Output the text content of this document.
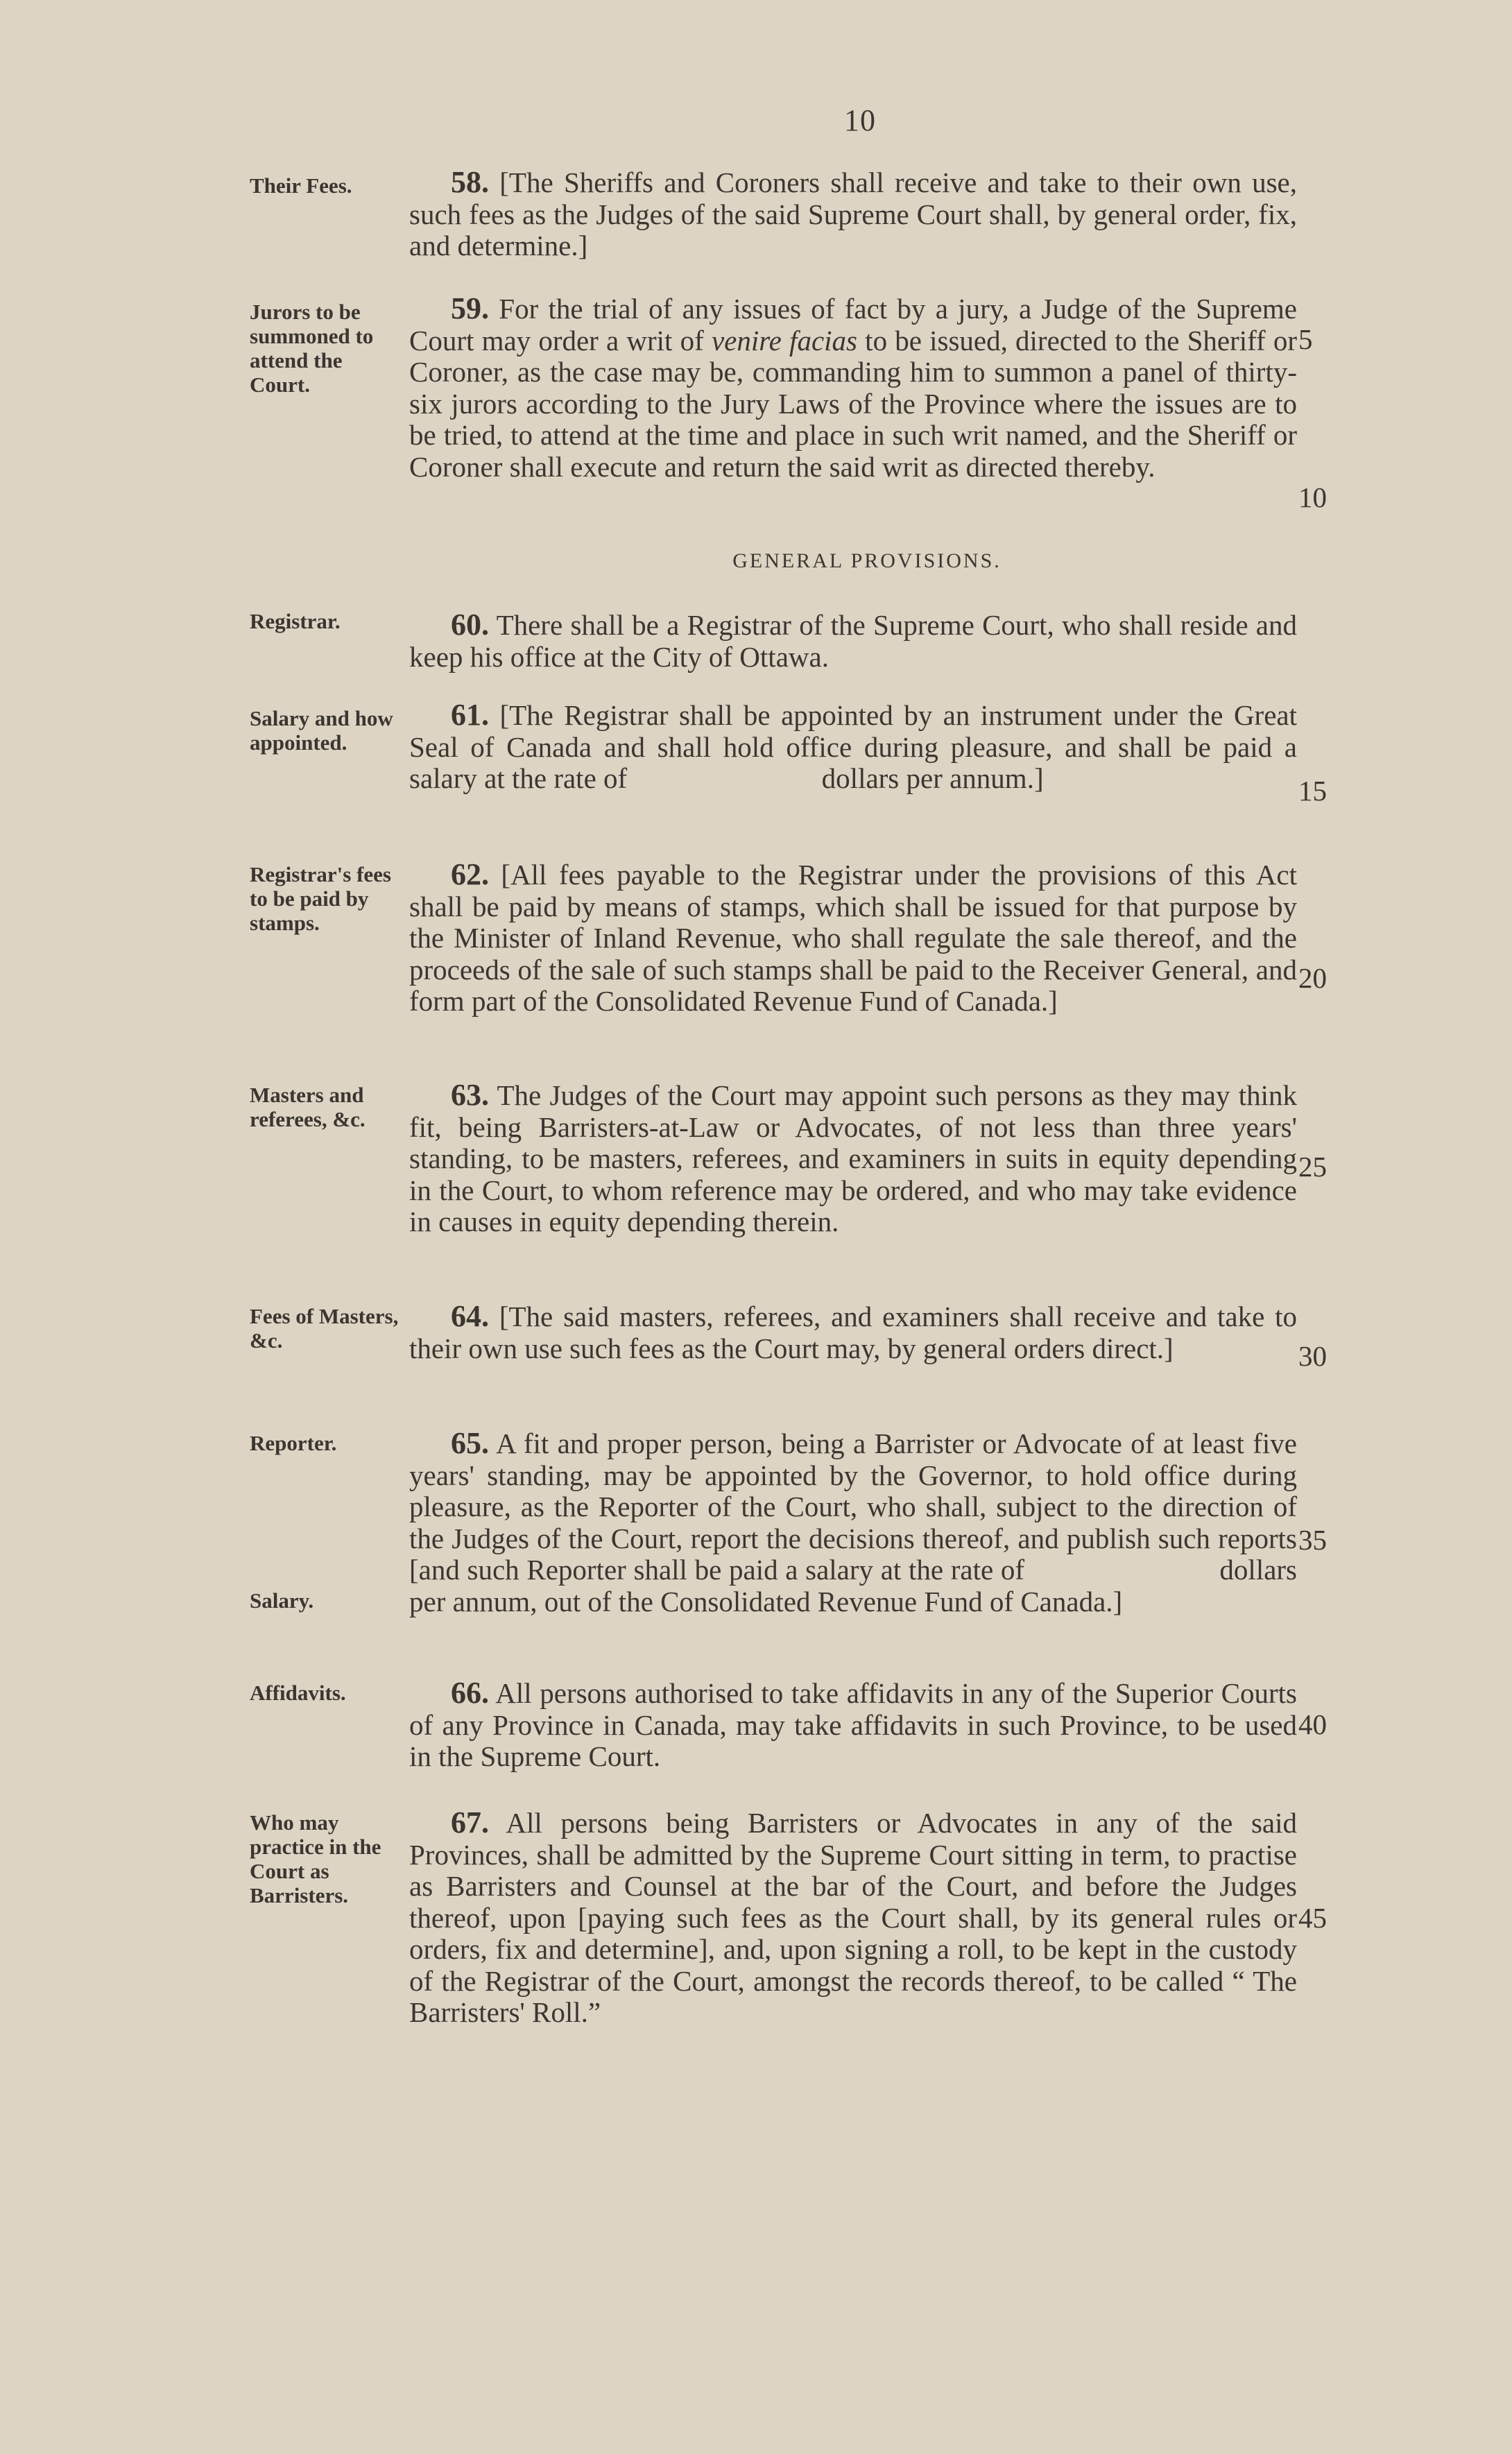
10
Their Fees.	58. [The Sheriffs and Coroners shall receive and take to their own use, such fees as the Judges of the said Supreme Court shall, by general order, fix, and determine.]
Jurors to be summoned to attend the Court.
59. For the trial of any issues of fact by a jury, a Judge of the Supreme Court may order a writ of venire facias to be issued, directed to the Sheriff or Coroner, as the case may be, commanding him to summon a panel of thirty-six jurors according to the Jury Laws of the Province where the issues are to be tried, to attend at the time and place in such writ named, and the Sheriff or Coroner shall execute and return the said writ as directed thereby.
5
10
GENERAL PROVISIONS.
Registrar.	60. There shall be a Registrar of the Supreme Court, who shall reside and keep his office at the City of Ottawa.
Salary and how appointed.
61. [The Registrar shall be appointed by an instrument under the Great Seal of Canada and shall hold office during pleasure, and shall be paid a salary at the rate of	dollars per annum.]	15
Registrar's fees to be paid by stamps.
62. [All fees payable to the Registrar under the provisions of this Act shall be paid by means of stamps, which shall be issued for that purpose by the Minister of Inland Revenue, who shall regulate the sale thereof, and the proceeds of the sale of such stamps shall be paid to the Receiver General, and form part of the Consolidated Revenue Fund of Canada.]
20
Masters and referees, &c.
63. The Judges of the Court may appoint such persons as they may think fit, being Barristers-at-Law or Advocates, of not less than three years' standing, to be masters, referees, and examiners in suits in equity depending in the Court, to whom reference may be ordered, and who may take evidence in causes in equity depending therein.
25
Fees of Masters, &c.
64. [The said masters, referees, and examiners shall receive and take to their own use such fees as the Court may, by general orders direct.]	30
Reporter.
Salary.
65. A fit and proper person, being a Barrister or Advocate of at least five years' standing, may be appointed by the Governor, to hold office during pleasure, as the Reporter of the Court, who shall, subject to the direction of the Judges of the Court, report the decisions thereof, and publish such reports [and such Reporter shall be paid a salary at the rate of	dollars per annum, out of the Consolidated Revenue Fund of Canada.]
35
Affidavits.	66. All persons authorised to take affidavits in any of the Superior Courts of any Province in Canada, may take affidavits in such Province, to be used in the Supreme Court.
40
Who may practice in the Court as Barristers.
67. All persons being Barristers or Advocates in any of the said Provinces, shall be admitted by the Supreme Court sitting in term, to practise as Barristers and Counsel at the bar of the Court, and before the Judges thereof, upon [paying such fees as the Court shall, by its general rules or orders, fix and determine], and, upon signing a roll, to be kept in the custody of the Registrar of the Court, amongst the records thereof, to be called “ The Barristers' Roll.”
45
